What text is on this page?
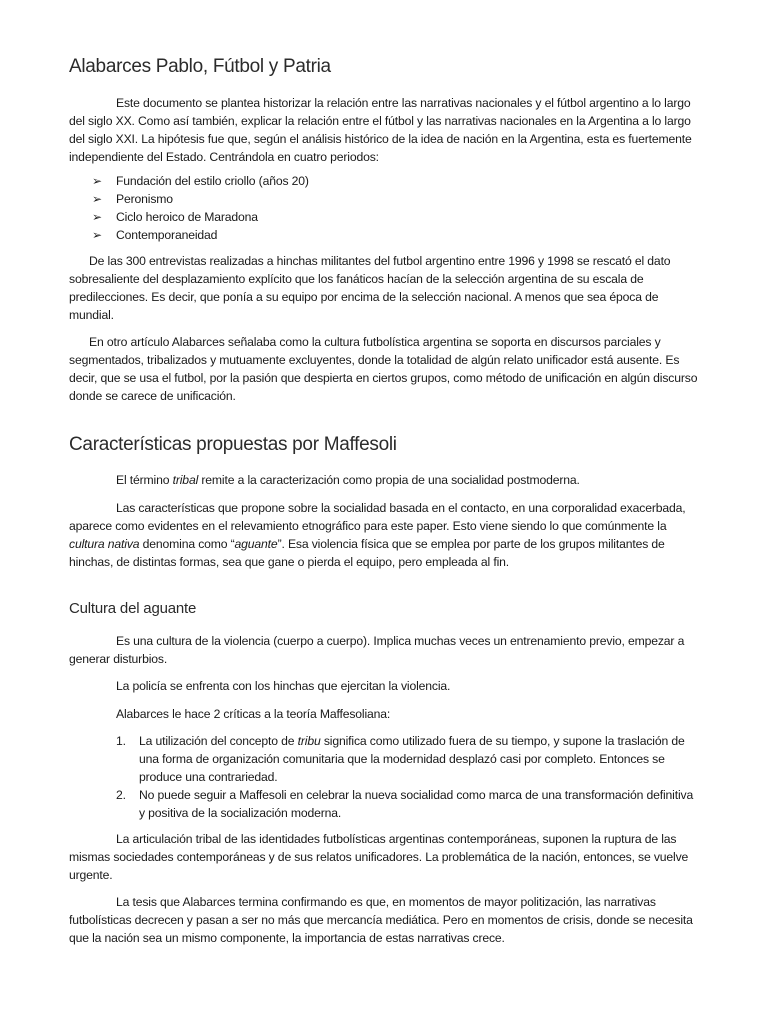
Alabarces Pablo, Fútbol y Patria

Este documento se plantea historizar la relación entre las narrativas nacionales y el fútbol argentino a lo largo del siglo XX. Como así también, explicar la relación entre el fútbol y las narrativas nacionales en la Argentina a lo largo del siglo XXI. La hipótesis fue que, según el análisis histórico de la idea de nación en la Argentina, esta es fuertemente independiente del Estado. Centrándola en cuatro periodos:

➢ Fundación del estilo criollo (años 20)
➢ Peronismo
➢ Ciclo heroico de Maradona
➢ Contemporaneidad

De las 300 entrevistas realizadas a hinchas militantes del futbol argentino entre 1996 y 1998 se rescató el dato sobresaliente del desplazamiento explícito que los fanáticos hacían de la selección argentina de su escala de predilecciones. Es decir, que ponía a su equipo por encima de la selección nacional. A menos que sea época de mundial.

En otro artículo Alabarces señalaba como la cultura futbolística argentina se soporta en discursos parciales y segmentados, tribalizados y mutuamente excluyentes, donde la totalidad de algún relato unificador está ausente. Es decir, que se usa el futbol, por la pasión que despierta en ciertos grupos, como método de unificación en algún discurso donde se carece de unificación.

Características propuestas por Maffesoli

El término tribal remite a la caracterización como propia de una socialidad postmoderna.

Las características que propone sobre la socialidad basada en el contacto, en una corporalidad exacerbada, aparece como evidentes en el relevamiento etnográfico para este paper. Esto viene siendo lo que comúnmente la cultura nativa denomina como “aguante”. Esa violencia física que se emplea por parte de los grupos militantes de hinchas, de distintas formas, sea que gane o pierda el equipo, pero empleada al fin.

Cultura del aguante

Es una cultura de la violencia (cuerpo a cuerpo). Implica muchas veces un entrenamiento previo, empezar a generar disturbios.

La policía se enfrenta con los hinchas que ejercitan la violencia.

Alabarces le hace 2 críticas a la teoría Maffesoliana:

1. La utilización del concepto de tribu significa como utilizado fuera de su tiempo, y supone la traslación de una forma de organización comunitaria que la modernidad desplazó casi por completo. Entonces se produce una contrariedad.
2. No puede seguir a Maffesoli en celebrar la nueva socialidad como marca de una transformación definitiva y positiva de la socialización moderna.

La articulación tribal de las identidades futbolísticas argentinas contemporáneas, suponen la ruptura de las mismas sociedades contemporáneas y de sus relatos unificadores. La problemática de la nación, entonces, se vuelve urgente.

La tesis que Alabarces termina confirmando es que, en momentos de mayor politización, las narrativas futbolísticas decrecen y pasan a ser no más que mercancía mediática. Pero en momentos de crisis, donde se necesita que la nación sea un mismo componente, la importancia de estas narrativas crece.
